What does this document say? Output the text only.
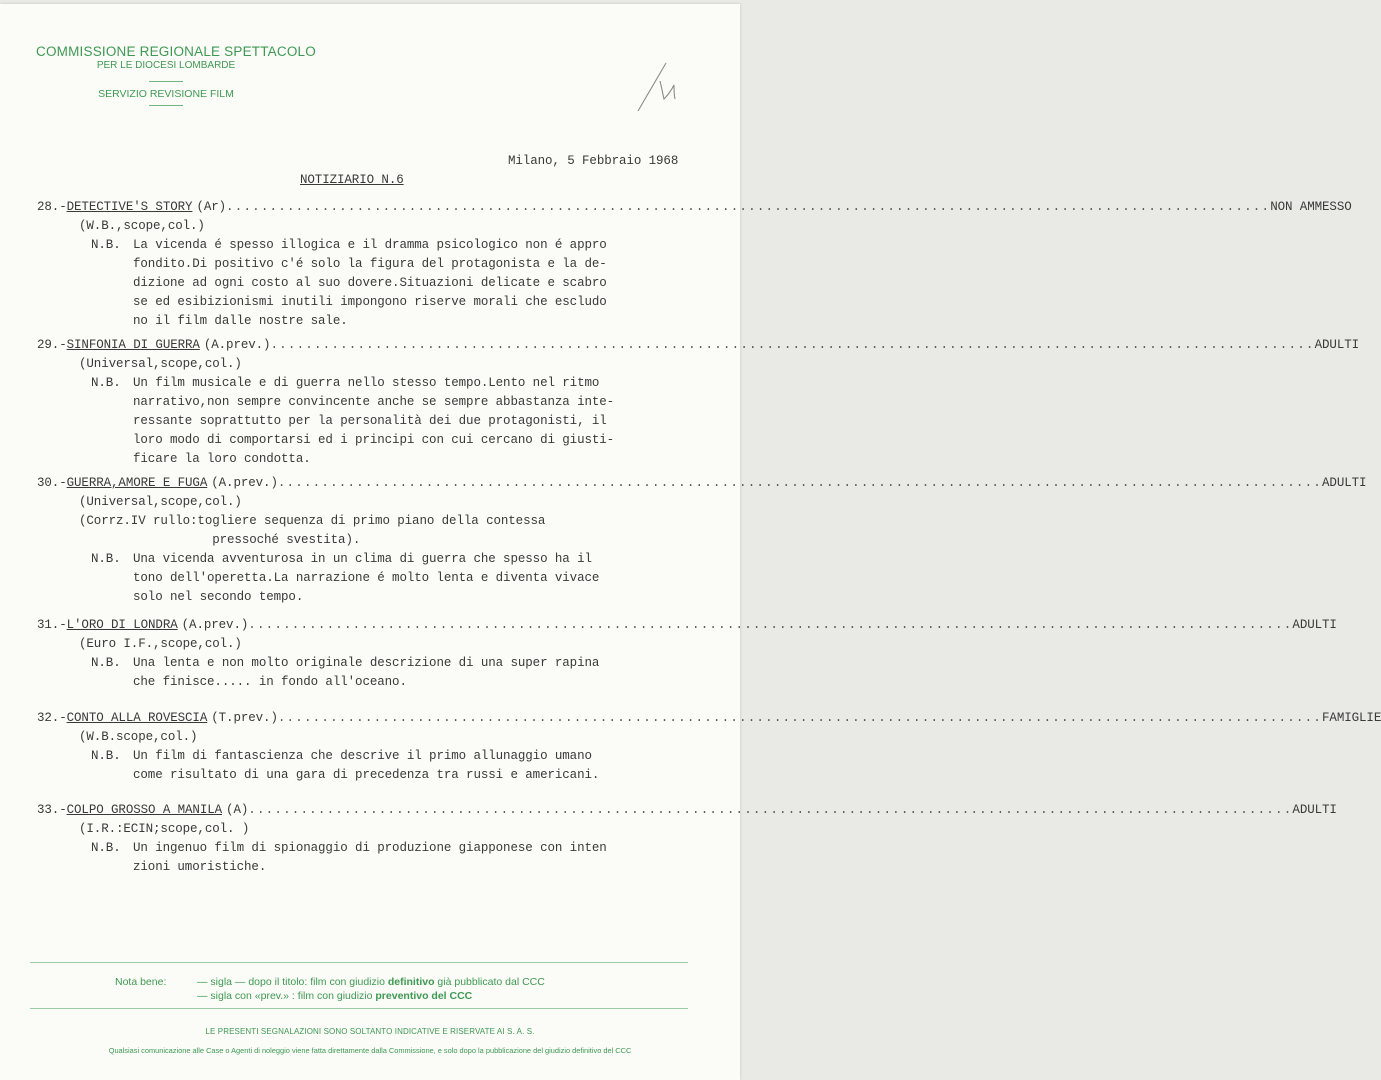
COMMISSIONE REGIONALE SPETTACOLO
PER LE DIOCESI LOMBARDE
SERVIZIO REVISIONE FILM
Milano, 5 Febbraio 1968
NOTIZIARIO N.6
28.- DETECTIVE'S STORY (Ar) ........................................................................................................................ NON AMMESSO
(W.B.,scope,col.)
N.B. La vicenda é spesso illogica e il dramma psicologico non é appro
fondito.Di positivo c'é solo la figura del protagonista e la de-
dizione ad ogni costo al suo dovere.Situazioni delicate e scabro
se ed esibizionismi inutili impongono riserve morali che escludo
no il film dalle nostre sale.
29.- SINFONIA DI GUERRA (A.prev.) ........................................................................................................................ ADULTI
(Universal,scope,col.)
N.B. Un film musicale e di guerra nello stesso tempo.Lento nel ritmo
narrativo,non sempre convincente anche se sempre abbastanza inte-
ressante soprattutto per la personalità dei due protagonisti, il
loro modo di comportarsi ed i principi con cui cercano di giusti-
ficare la loro condotta.
30.- GUERRA,AMORE E FUGA (A.prev.) ........................................................................................................................ ADULTI
(Universal,scope,col.)
(Corrz.IV rullo:togliere sequenza di primo piano della contessa
pressoché svestita).
N.B. Una vicenda avventurosa in un clima di guerra che spesso ha il
tono dell'operetta.La narrazione é molto lenta e diventa vivace
solo nel secondo tempo.
31.- L'ORO DI LONDRA (A.prev.) ........................................................................................................................ ADULTI
(Euro I.F.,scope,col.)
N.B. Una lenta e non molto originale descrizione di una super rapina
che finisce..... in fondo all'oceano.
32.- CONTO ALLA ROVESCIA (T.prev.) ........................................................................................................................ FAMIGLIE
(W.B.scope,col.)
N.B. Un film di fantascienza che descrive il primo allunaggio umano
come risultato di una gara di precedenza tra russi e americani.
33.- COLPO GROSSO A MANILA (A) ........................................................................................................................ ADULTI
(I.R.:ECIN;scope,col. )
N.B. Un ingenuo film di spionaggio di produzione giapponese con inten
zioni umoristiche.
Nota bene:	— sigla — dopo il titolo: film con giudizio definitivo già pubblicato dal CCC
— sigla con «prev.» : film con giudizio preventivo del CCC
LE PRESENTI SEGNALAZIONI SONO SOLTANTO INDICATIVE E RISERVATE AI S. A. S.
Qualsiasi comunicazione alle Case o Agenti di noleggio viene fatta direttamente dalla Commissione, e solo dopo la pubblicazione del giudizio definitivo del CCC
